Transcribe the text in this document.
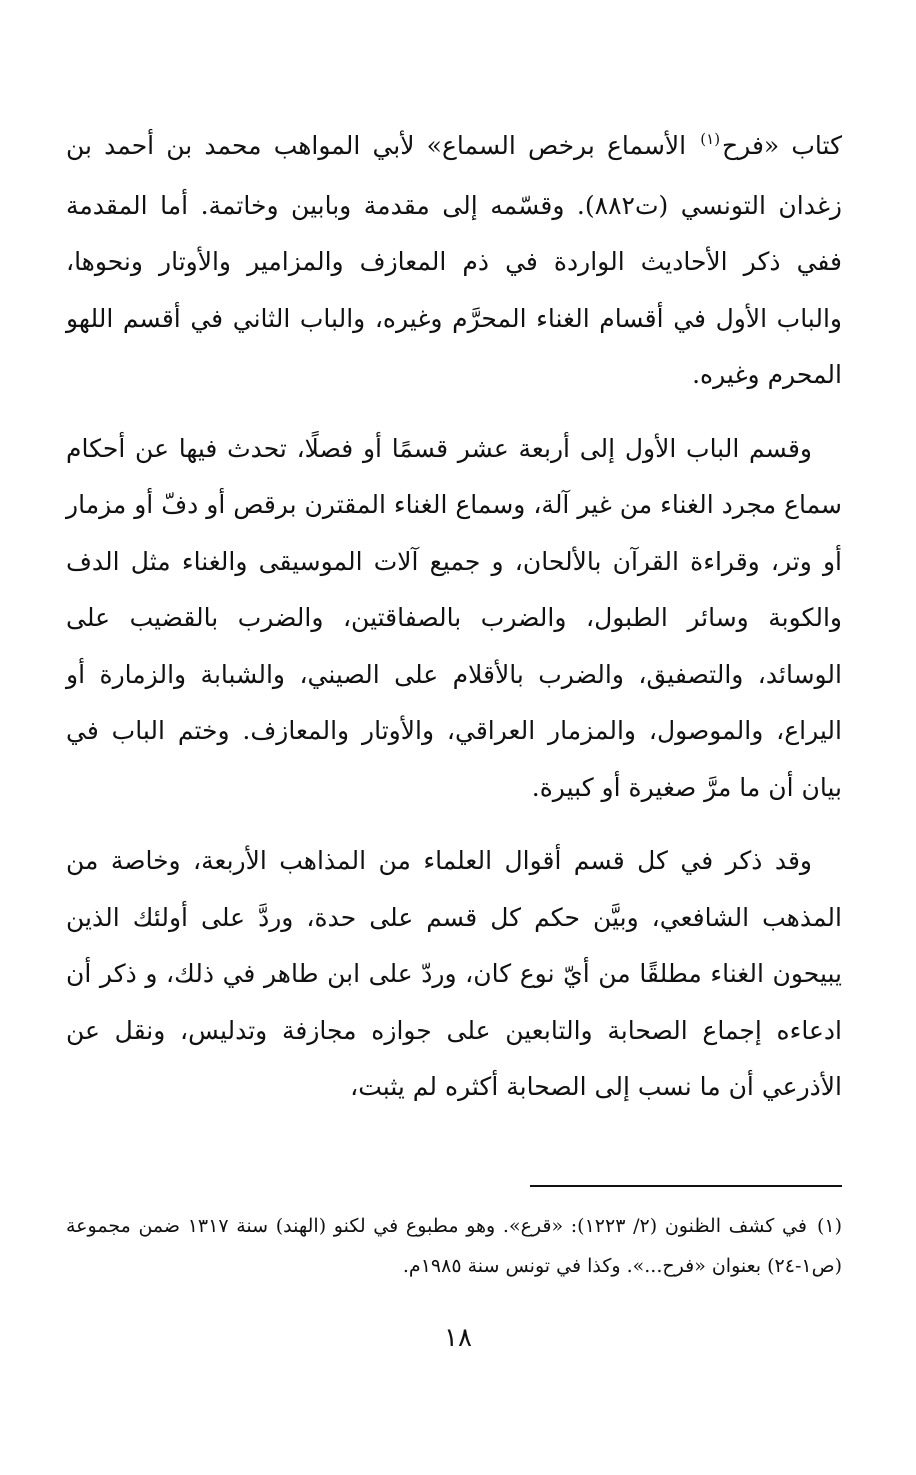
كتاب «فرح$^{(١)}$ الأسماع برخص السماع» لأبي المواهب محمد بن أحمد بن زغدان التونسي (ت٨٨٢). وقسّمه إلى مقدمة وبابين وخاتمة. أما المقدمة ففي ذكر الأحاديث الواردة في ذم المعازف والمزامير والأوتار ونحوها، والباب الأول في أقسام الغناء المحرَّم وغيره، والباب الثاني في أقسم اللهو المحرم وغيره.

وقسم الباب الأول إلى أربعة عشر قسمًا أو فصلًا، تحدث فيها عن أحكام سماع مجرد الغناء من غير آلة، وسماع الغناء المقترن برقص أو دفّ أو مزمار أو وتر، وقراءة القرآن بالألحان، و جميع آلات الموسيقى والغناء مثل الدف والكوبة وسائر الطبول، والضرب بالصفاقتين، والضرب بالقضيب على الوسائد، والتصفيق، والضرب بالأقلام على الصيني، والشبابة والزمارة أو اليراع، والموصول، والمزمار العراقي، والأوتار والمعازف. وختم الباب في بيان أن ما مرَّ صغيرة أو كبيرة.

وقد ذكر في كل قسم أقوال العلماء من المذاهب الأربعة، وخاصة من المذهب الشافعي، وبيَّن حكم كل قسم على حدة، وردَّ على أولئك الذين يبيحون الغناء مطلقًا من أيّ نوع كان، وردّ على ابن طاهر في ذلك، و ذكر أن ادعاءه إجماع الصحابة والتابعين على جوازه مجازفة وتدليس، ونقل عن الأذرعي أن ما نسب إلى الصحابة أكثره لم يثبت،

(١)في كشف الظنون (٢/ ١٢٢٣): «قرع». وهو مطبوع في لكنو (الهند) سنة ١٣١٧ ضمن مجموعة (ص١-٢٤) بعنوان «فرح...». وكذا في تونس سنة ١٩٨٥م.

١٨
